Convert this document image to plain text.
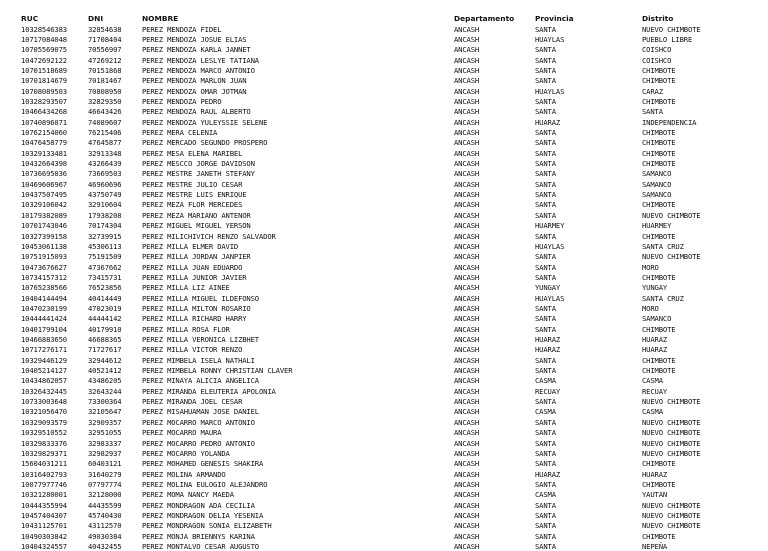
RUC	DNI	NOMBRE	Departamento	Provincia	Distrito
10328546383	32854638	PEREZ MENDOZA FIDEL	ANCASH	SANTA	NUEVO CHIMBOTE
10717084048	71708404	PEREZ MENDOZA JOSUE ELIAS	ANCASH	HUAYLAS	PUEBLO LIBRE
10705569075	70556907	PEREZ MENDOZA KARLA JANNET	ANCASH	SANTA	COISHCO
10472692122	47269212	PEREZ MENDOZA LESLYE TATIANA	ANCASH	SANTA	COISHCO
10701518689	70151868	PEREZ MENDOZA MARCO ANTONIO	ANCASH	SANTA	CHIMBOTE
10701814679	70181467	PEREZ MENDOZA MARLON JUAN	ANCASH	SANTA	CHIMBOTE
10708089503	70808950	PEREZ MENDOZA OMAR JOTMAN	ANCASH	HUAYLAS	CARAZ
10328293507	32829350	PEREZ MENDOZA PEDRO	ANCASH	SANTA	CHIMBOTE
10466434268	46643426	PEREZ MENDOZA RAUL ALBERTO	ANCASH	SANTA	SANTA
10740896071	74089607	PEREZ MENDOZA YULEYSSIE SELENE	ANCASH	HUARAZ	INDEPENDENCIA
10762154060	76215406	PEREZ MERA CELENIA	ANCASH	SANTA	CHIMBOTE
10476458779	47645877	PEREZ MERCADO SEGUNDO PROSPERO	ANCASH	SANTA	CHIMBOTE
10329133481	32913348	PEREZ MESA ELENA MARIBEL	ANCASH	SANTA	CHIMBOTE
10432664398	43266439	PEREZ MESCCO JORGE DAVIDSON	ANCASH	SANTA	CHIMBOTE
10736695036	73669503	PEREZ MESTRE JANETH STEFANY	ANCASH	SANTA	SAMANCO
10469606967	46960696	PEREZ MESTRE JULIO CESAR	ANCASH	SANTA	SAMANCO
10437507495	43750749	PEREZ MESTRE LUIS ENRIQUE	ANCASH	SANTA	SAMANCO
10329106042	32910604	PEREZ MEZA FLOR MERCEDES	ANCASH	SANTA	CHIMBOTE
10179382089	17938208	PEREZ MEZA MARIANO ANTENOR	ANCASH	SANTA	NUEVO CHIMBOTE
10701743046	70174304	PEREZ MIGUEL MIGUEL YERSON	ANCASH	HUARMEY	HUARMEY
10327399158	32739915	PEREZ MILICHIVICH RENZO SALVADOR	ANCASH	SANTA	CHIMBOTE
10453061138	45306113	PEREZ MILLA ELMER DAVID	ANCASH	HUAYLAS	SANTA CRUZ
10751915093	75191509	PEREZ MILLA JORDAN JANPIER	ANCASH	SANTA	NUEVO CHIMBOTE
10473676627	47367662	PEREZ MILLA JUAN EDUARDO	ANCASH	SANTA	MORO
10734157312	73415731	PEREZ MILLA JUNIOR JAVIER	ANCASH	SANTA	CHIMBOTE
10765238566	76523856	PEREZ MILLA LIZ AINEE	ANCASH	YUNGAY	YUNGAY
10404144494	40414449	PEREZ MILLA MIGUEL ILDEFONSO	ANCASH	HUAYLAS	SANTA CRUZ
10470230199	47023019	PEREZ MILLA MILTON ROSARIO	ANCASH	SANTA	MORO
10444441424	44444142	PEREZ MILLA RICHARD HARRY	ANCASH	SANTA	SAMANCO
10401799104	40179910	PEREZ MILLA ROSA FLOR	ANCASH	SANTA	CHIMBOTE
10466883650	46688365	PEREZ MILLA VERONICA LIZBHET	ANCASH	HUARAZ	HUARAZ
10717276171	71727617	PEREZ MILLA VICTOR RENZO	ANCASH	HUARAZ	HUARAZ
10329446129	32944612	PEREZ MIMBELA ISELA NATHALI	ANCASH	SANTA	CHIMBOTE
10405214127	40521412	PEREZ MIMBELA RONNY CHRISTIAN CLAVER	ANCASH	SANTA	CHIMBOTE
10434862057	43486205	PEREZ MINAYA ALICIA ANGELICA	ANCASH	CASMA	CASMA
10326432445	32643244	PEREZ MIRANDA ELEUTERIA APOLONIA	ANCASH	RECUAY	RECUAY
10733003648	73300364	PEREZ MIRANDA JOEL CESAR	ANCASH	SANTA	NUEVO CHIMBOTE
10321056470	32105647	PEREZ MISAHUAMAN JOSE DANIEL	ANCASH	CASMA	CASMA
10329093579	32909357	PEREZ MOCARRO MARCO ANTONIO	ANCASH	SANTA	NUEVO CHIMBOTE
10329510552	32951055	PEREZ MOCARRO MAURA	ANCASH	SANTA	NUEVO CHIMBOTE
10329833376	32983337	PEREZ MOCARRO PEDRO ANTONIO	ANCASH	SANTA	NUEVO CHIMBOTE
10329829371	32982937	PEREZ MOCARRO YOLANDA	ANCASH	SANTA	NUEVO CHIMBOTE
15604031211	60403121	PEREZ MOHAMED GENESIS SHAKIRA	ANCASH	SANTA	CHIMBOTE
10316402793	31640279	PEREZ MOLINA ARMANDO	ANCASH	HUARAZ	HUARAZ
10077977746	07797774	PEREZ MOLINA EULOGIO ALEJANDRO	ANCASH	SANTA	CHIMBOTE
10321280001	32128000	PEREZ MOMA NANCY MAEDA	ANCASH	CASMA	YAUTAN
10444355994	44435599	PEREZ MONDRAGON ADA CECILIA	ANCASH	SANTA	NUEVO CHIMBOTE
10457404307	45740430	PEREZ MONDRAGON DELIA YESENIA	ANCASH	SANTA	NUEVO CHIMBOTE
10431125701	43112570	PEREZ MONDRAGON SONIA ELIZABETH	ANCASH	SANTA	NUEVO CHIMBOTE
10490303842	49030384	PEREZ MONJA BRIENNYS KARINA	ANCASH	SANTA	CHIMBOTE
10404324557	40432455	PEREZ MONTALVO CESAR AUGUSTO	ANCASH	SANTA	NEPEÑA
